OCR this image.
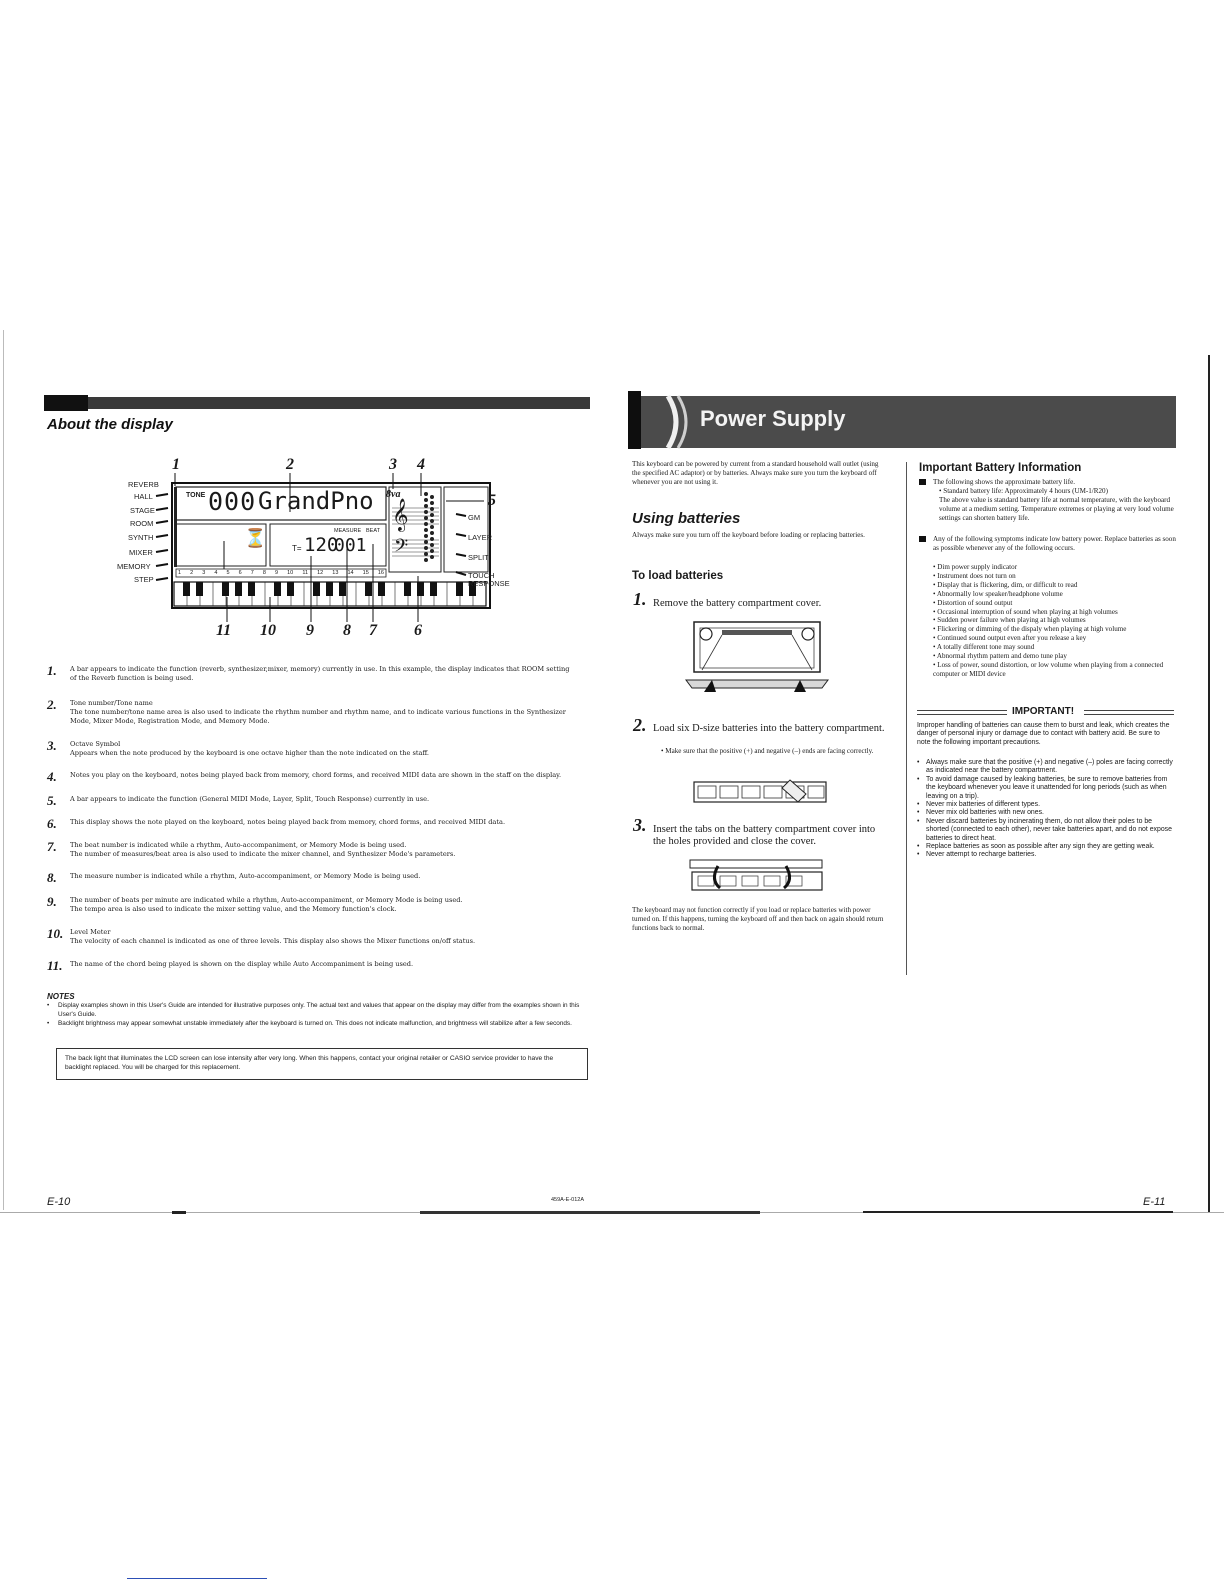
About the display
1	2	3 4
5
11 10 9 8 7 6
REVERB
HALL
STAGE
ROOM
SYNTH
MIXER
MEMORY
STEP
GM
LAYER
SPLIT
TOUCH
RESPONSE
TONE 000 GrandPno
T= 120
MEASURE BEAT
001
8va
𝄞
𝄢
⏳
1 2 3 4 5 6 7 8 9 10 11 12 13 14 15 16
1.	A bar appears to indicate the function (reverb, synthesizer,mixer, memory) currently in use. In this example, the display indicates that ROOM setting
of the Reverb function is being used.
2.	Tone number/Tone name
The tone number/tone name area is also used to indicate the rhythm number and rhythm name, and to indicate various functions in the Synthesizer
Mode, Mixer Mode, Registration Mode, and Memory Mode.
3.	Octave Symbol
Appears when the note produced by the keyboard is one octave higher than the note indicated on the staff.
4.	Notes you play on the keyboard, notes being played back from memory, chord forms, and received MIDI data are shown in the staff on the display.
5.	A bar appears to indicate the function (General MIDI Mode, Layer, Split, Touch Response) currently in use.
6.	This display shows the note played on the keyboard, notes being played back from memory, chord forms, and received MIDI data.
7.	The beat number is indicated while a rhythm, Auto-accompaniment, or Memory Mode is being used.
The number of measures/beat area is also used to indicate the mixer channel, and Synthesizer Mode's parameters.
8.	The measure number is indicated while a rhythm, Auto-accompaniment, or Memory Mode is being used.
9.	The number of beats per minute are indicated while a rhythm, Auto-accompaniment, or Memory Mode is being used.
The tempo area is also used to indicate the mixer setting value, and the Memory function's clock.
10.	Level Meter
The velocity of each channel is indicated as one of three levels. This display also shows the Mixer functions on/off status.
11.	The name of the chord being played is shown on the display while Auto Accompaniment is being used.
NOTES
• Display examples shown in this User's Guide are intended for illustrative purposes only. The actual text and values that appear on the display may differ from the examples shown in this User's Guide.
• Backlight brightness may appear somewhat unstable immediately after the keyboard is turned on. This does not indicate malfunction, and brightness will stabilize after a few seconds.
The back light that illuminates the LCD screen can lose intensity after very long. When this happens, contact your original retailer or CASIO service provider to have the backlight replaced. You will be charged for this replacement.
E-10	459A-E-012A
Power Supply
This keyboard can be powered by current from a standard household wall outlet (using the specified AC adaptor) or by batteries. Always make sure you turn the keyboard off whenever you are not using it.
Using batteries
Always make sure you turn off the keyboard before loading or replacing batteries.
To load batteries
1. Remove the battery compartment cover.
2. Load six D-size batteries into the battery compartment.
• Make sure that the positive (+) and negative (–) ends are facing correctly.
3. Insert the tabs on the battery compartment cover into the holes provided and close the cover.
The keyboard may not function correctly if you load or replace batteries with power turned on. If this happens, turning the keyboard off and then back on again should return functions back to normal.
Important Battery Information
The following shows the approximate battery life.
• Standard battery life: Approximately 4 hours (UM-1/R20)
The above value is standard battery life at normal temperature, with the keyboard volume at a medium setting. Temperature extremes or playing at very loud volume settings can shorten battery life.
Any of the following symptoms indicate low battery power. Replace batteries as soon as possible whenever any of the following occurs.
• Dim power supply indicator
• Instrument does not turn on
• Display that is flickering, dim, or difficult to read
• Abnormally low speaker/headphone volume
• Distortion of sound output
• Occasional interruption of sound when playing at high volumes
• Sudden power failure when playing at high volumes
• Flickering or dimming of the dispaly when playing at high volume
• Continued sound output even after you release a key
• A totally different tone may sound
• Abnormal rhythm pattern and demo tune play
• Loss of power, sound distortion, or low volume when playing from a connected computer or MIDI device
IMPORTANT!
Improper handling of batteries can cause them to burst and leak, which creates the danger of personal injury or damage due to contact with battery acid. Be sure to note the following important precautions.
• Always make sure that the positive (+) and negative (–) poles are facing correctly as indicated near the battery compartment.
• To avoid damage caused by leaking batteries, be sure to remove batteries from the keyboard whenever you leave it unattended for long periods (such as when leaving on a trip).
• Never mix batteries of different types.
• Never mix old batteries with new ones.
• Never discard batteries by incinerating them, do not allow their poles to be shorted (connected to each other), never take batteries apart, and do not expose batteries to direct heat.
• Replace batteries as soon as possible after any sign they are getting weak.
• Never attempt to recharge batteries.
E-11
